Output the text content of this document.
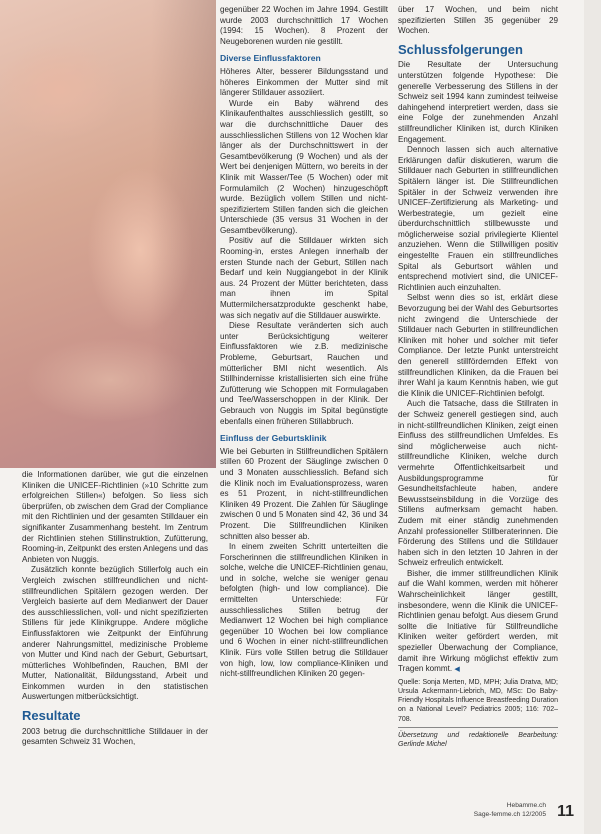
die Informationen darüber, wie gut die einzelnen Kliniken die UNICEF-Richtlinien (»10 Schritte zum erfolgreichen Stillen«) befolgen. So liess sich überprüfen, ob zwischen dem Grad der Compliance mit den Richtlinien und der gesamten Stilldauer ein signifikanter Zusammenhang besteht. Im Zentrum der Richtlinien stehen Stillinstruktion, Zufütterung, Rooming-in, Zeitpunkt des ersten Anlegens und das Anbieten von Nuggis.

Zusätzlich konnte bezüglich Stillerfolg auch ein Vergleich zwischen stillfreundlichen und nicht-stillfreundlichen Spitälern gezogen werden. Der Vergleich basierte auf dem Medianwert der Dauer des ausschliesslichen, voll- und nicht spezifizierten Stillens für jede Klinikgruppe. Andere mögliche Einflussfaktoren wie Zeitpunkt der Einführung anderer Nahrungsmittel, medizinische Probleme von Mutter und Kind nach der Geburt, Geburtsart, mütterliches Wohlbefinden, Rauchen, BMI der Mutter, Nationalität, Bildungsstand, Arbeit und Einkommen wurden in den statistischen Auswertungen mitberücksichtigt.

Resultate

2003 betrug die durchschnittliche Stilldauer in der gesamten Schweiz 31 Wochen,

gegenüber 22 Wochen im Jahre 1994. Gestillt wurde 2003 durchschnittlich 17 Wochen (1994: 15 Wochen). 8 Prozent der Neugeborenen wurden nie gestillt.

Diverse Einflussfaktoren

Höheres Alter, besserer Bildungsstand und höheres Einkommen der Mutter sind mit längerer Stilldauer assoziiert.

Wurde ein Baby während des Klinikaufenthaltes ausschliesslich gestillt, so war die durchschnittliche Dauer des ausschliesslichen Stillens von 12 Wochen klar länger als der Durchschnittswert in der Gesamtbevölkerung (9 Wochen) und als der Wert bei denjenigen Müttern, wo bereits in der Klinik mit Wasser/Tee (5 Wochen) oder mit Formulamilch (2 Wochen) hinzugeschöpft wurde. Bezüglich vollem Stillen und nicht-spezifiziertem Stillen fanden sich die gleichen Unterschiede (35 versus 31 Wochen in der Gesamtbevölkerung).

Positiv auf die Stilldauer wirkten sich Rooming-in, erstes Anlegen innerhalb der ersten Stunde nach der Geburt, Stillen nach Bedarf und kein Nuggiangebot in der Klinik aus. 24 Prozent der Mütter berichteten, dass man ihnen im Spital Muttermilchersatzprodukte geschenkt habe, was sich negativ auf die Stilldauer auswirkte.

Diese Resultate veränderten sich auch unter Berücksichtigung weiterer Einflussfaktoren wie z.B. medizinische Probleme, Geburtsart, Rauchen und mütterlicher BMI nicht wesentlich. Als Stillhindernisse kristallisierten sich eine frühe Zufütterung wie Schoppen mit Formulagaben und Tee/Wasserschoppen in der Klinik. Der Gebrauch von Nuggis im Spital begünstigte ebenfalls einen früheren Stillabbruch.

Einfluss der Geburtsklinik

Wie bei Geburten in Stillfreundlichen Spitälern stillen 60 Prozent der Säuglinge zwischen 0 und 3 Monaten ausschliesslich. Befand sich die Klinik noch im Evaluationsprozess, waren es 51 Prozent, in nicht-stillfreundlichen Kliniken 49 Prozent. Die Zahlen für Säuglinge zwischen 0 und 5 Monaten sind 42, 36 und 34 Prozent. Die Stillfreundlichen Kliniken schnitten also besser ab.

In einem zweiten Schritt unterteilten die Forscherinnen die stillfreundlichen Kliniken in solche, welche die UNICEF-Richtlinien genau, und in solche, welche sie weniger genau befolgten (high- und low compliance). Die ermittelten Unterschiede: Für ausschliessliches Stillen betrug der Medianwert 12 Wochen bei high compliance gegenüber 10 Wochen bei low compliance und 6 Wochen in einer nicht-stillfreundlichen Klinik. Fürs volle Stillen betrug die Stilldauer von high, low, low compliance-Kliniken und nicht-stillfreundlichen Kliniken 20 gegen-

über 17 Wochen, und beim nicht spezifizierten Stillen 35 gegenüber 29 Wochen.

Schlussfolgerungen

Die Resultate der Untersuchung unterstützen folgende Hypothese: Die generelle Verbesserung des Stillens in der Schweiz seit 1994 kann zumindest teilweise dahingehend interpretiert werden, dass sie eine Folge der zunehmenden Anzahl stillfreundlicher Kliniken ist, durch Kliniken Engagement.

Dennoch lassen sich auch alternative Erklärungen dafür diskutieren, warum die Stilldauer nach Geburten in stillfreundlichen Spitälern länger ist. Die Stillfreundlichen Spitäler in der Schweiz verwenden ihre UNICEF-Zertifizierung als Marketing- und Werbestrategie, um gezielt eine überdurchschnittlich stillbewusste und möglicherweise sozial privilegierte Klientel anzuziehen. Wenn die Stillwilligen positiv eingestellte Frauen ein stillfreundliches Spital als Geburtsort wählen und entsprechend motiviert sind, die UNICEF-Richtlinien auch einzuhalten.

Selbst wenn dies so ist, erklärt diese Bevorzugung bei der Wahl des Geburtsortes nicht zwingend die Unterschiede der Stilldauer nach Geburten in stillfreundlichen Kliniken mit hoher und solcher mit tiefer Compliance. Der letzte Punkt unterstreicht den generell stillfördernden Effekt von stillfreundlichen Kliniken, da die Frauen bei ihrer Wahl ja kaum Kenntnis haben, wie gut die Klinik die UNICEF-Richtlinien befolgt.

Auch die Tatsache, dass die Stillraten in der Schweiz generell gestiegen sind, auch in nicht-stillfreundlichen Kliniken, zeigt einen Einfluss des stillfreundlichen Umfeldes. Es sind möglicherweise auch nicht-stillfreundliche Kliniken, welche durch vermehrte Öffentlichkeitsarbeit und Ausbildungsprogramme für Gesundheitsfachleute haben, andere Bewusstseinsbildung in die Vorzüge des Stillens aufmerksam gemacht haben. Zudem mit einer ständig zunehmenden Anzahl professioneller Stillberaterinnen. Die Förderung des Stillens und die Stilldauer haben sich in den letzten 10 Jahren in der Schweiz erfreulich entwickelt.

Bisher, die immer stillfreundlichen Klinik auf die Wahl kommen, werden mit höherer Wahrscheinlichkeit länger gestillt, insbesondere, wenn die Klinik die UNICEF-Richtlinien genau befolgt. Aus diesem Grund sollte die Initiative für Stillfreundliche Kliniken weiter gefördert werden, mit spezieller Überwachung der Compliance, damit ihre Wirkung möglichst effektiv zum Tragen kommt. ◀

Quelle: Sonja Merten, MD, MPH; Julia Dratva, MD; Ursula Ackermann-Liebrich, MD, MSc: Do Baby-Friendly Hospitals Influence Breastfeeding Duration on a National Level? Pediatrics 2005; 116: 702–708.
Übersetzung und redaktionelle Bearbeitung: Gerlinde Michel
Hebamme.ch
Sage-femme.ch 12/2005 11
